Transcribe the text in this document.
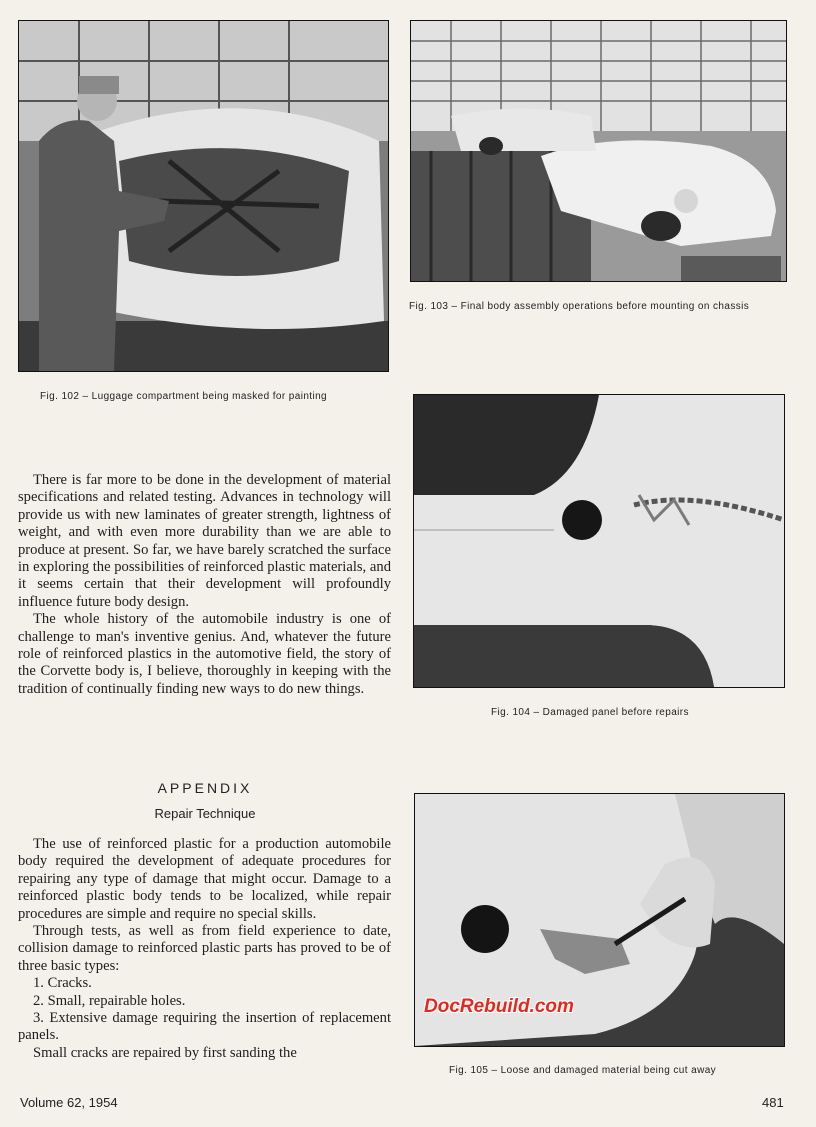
Fig. 102 – Luggage compartment being masked for painting
Fig. 103 – Final body assembly operations before mounting on chassis
Fig. 104 – Damaged panel before repairs
Fig. 105 – Loose and damaged material being cut away

There is far more to be done in the development of material specifications and related testing. Advances in technology will provide us with new laminates of greater strength, lightness of weight, and with even more durability than we are able to produce at present. So far, we have barely scratched the surface in exploring the possibilities of reinforced plastic materials, and it seems certain that their development will profoundly influence future body design.

The whole history of the automobile industry is one of challenge to man's inventive genius. And, whatever the future role of reinforced plastics in the automotive field, the story of the Corvette body is, I believe, thoroughly in keeping with the tradition of continually finding new ways to do new things.

APPENDIX
Repair Technique

The use of reinforced plastic for a production automobile body required the development of adequate procedures for repairing any type of damage that might occur. Damage to a reinforced plastic body tends to be localized, while repair procedures are simple and require no special skills.

Through tests, as well as from field experience to date, collision damage to reinforced plastic parts has proved to be of three basic types:

1. Cracks.

2. Small, repairable holes.

3. Extensive damage requiring the insertion of replacement panels.

Small cracks are repaired by first sanding the

DocRebuild.com
Volume 62, 1954	481
